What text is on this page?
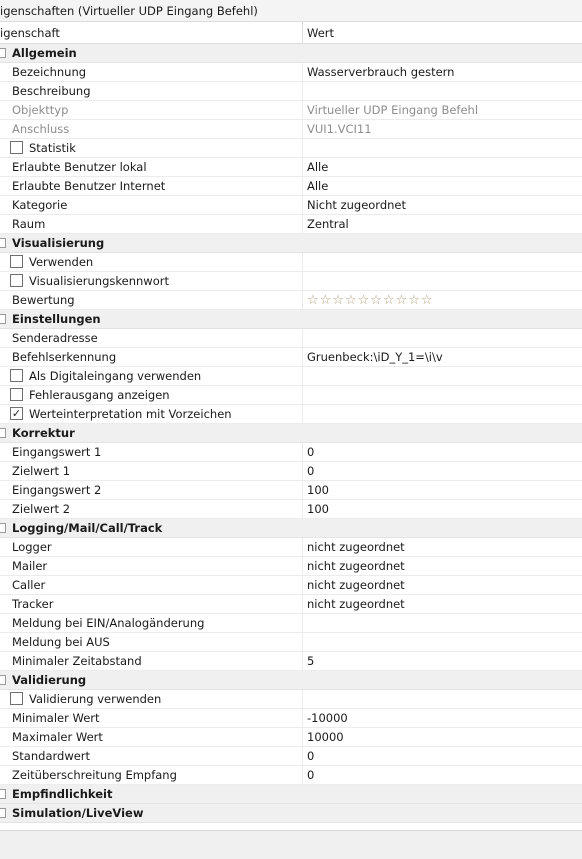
igenschaften (Virtueller UDP Eingang Befehl)
igenschaft	Wert
Allgemein
Bezeichnung	Wasserverbrauch gestern
Beschreibung
Objekttyp	Virtueller UDP Eingang Befehl
Anschluss	VUI1.VCI11
Statistik
Erlaubte Benutzer lokal	Alle
Erlaubte Benutzer Internet	Alle
Kategorie	Nicht zugeordnet
Raum	Zentral
Visualisierung
Verwenden
Visualisierungskennwort
Bewertung	☆☆☆☆☆☆☆☆☆☆
Einstellungen
Senderadresse
Befehlserkennung	Gruenbeck:\iD_Y_1=\i\v
Als Digitaleingang verwenden
Fehlerausgang anzeigen
✓ Werteinterpretation mit Vorzeichen
Korrektur
Eingangswert 1	0
Zielwert 1	0
Eingangswert 2	100
Zielwert 2	100
Logging/Mail/Call/Track
Logger	nicht zugeordnet
Mailer	nicht zugeordnet
Caller	nicht zugeordnet
Tracker	nicht zugeordnet
Meldung bei EIN/Analogänderung
Meldung bei AUS
Minimaler Zeitabstand	5
Validierung
Validierung verwenden
Minimaler Wert	-10000
Maximaler Wert	10000
Standardwert	0
Zeitüberschreitung Empfang	0
Empfindlichkeit
Simulation/LiveView
